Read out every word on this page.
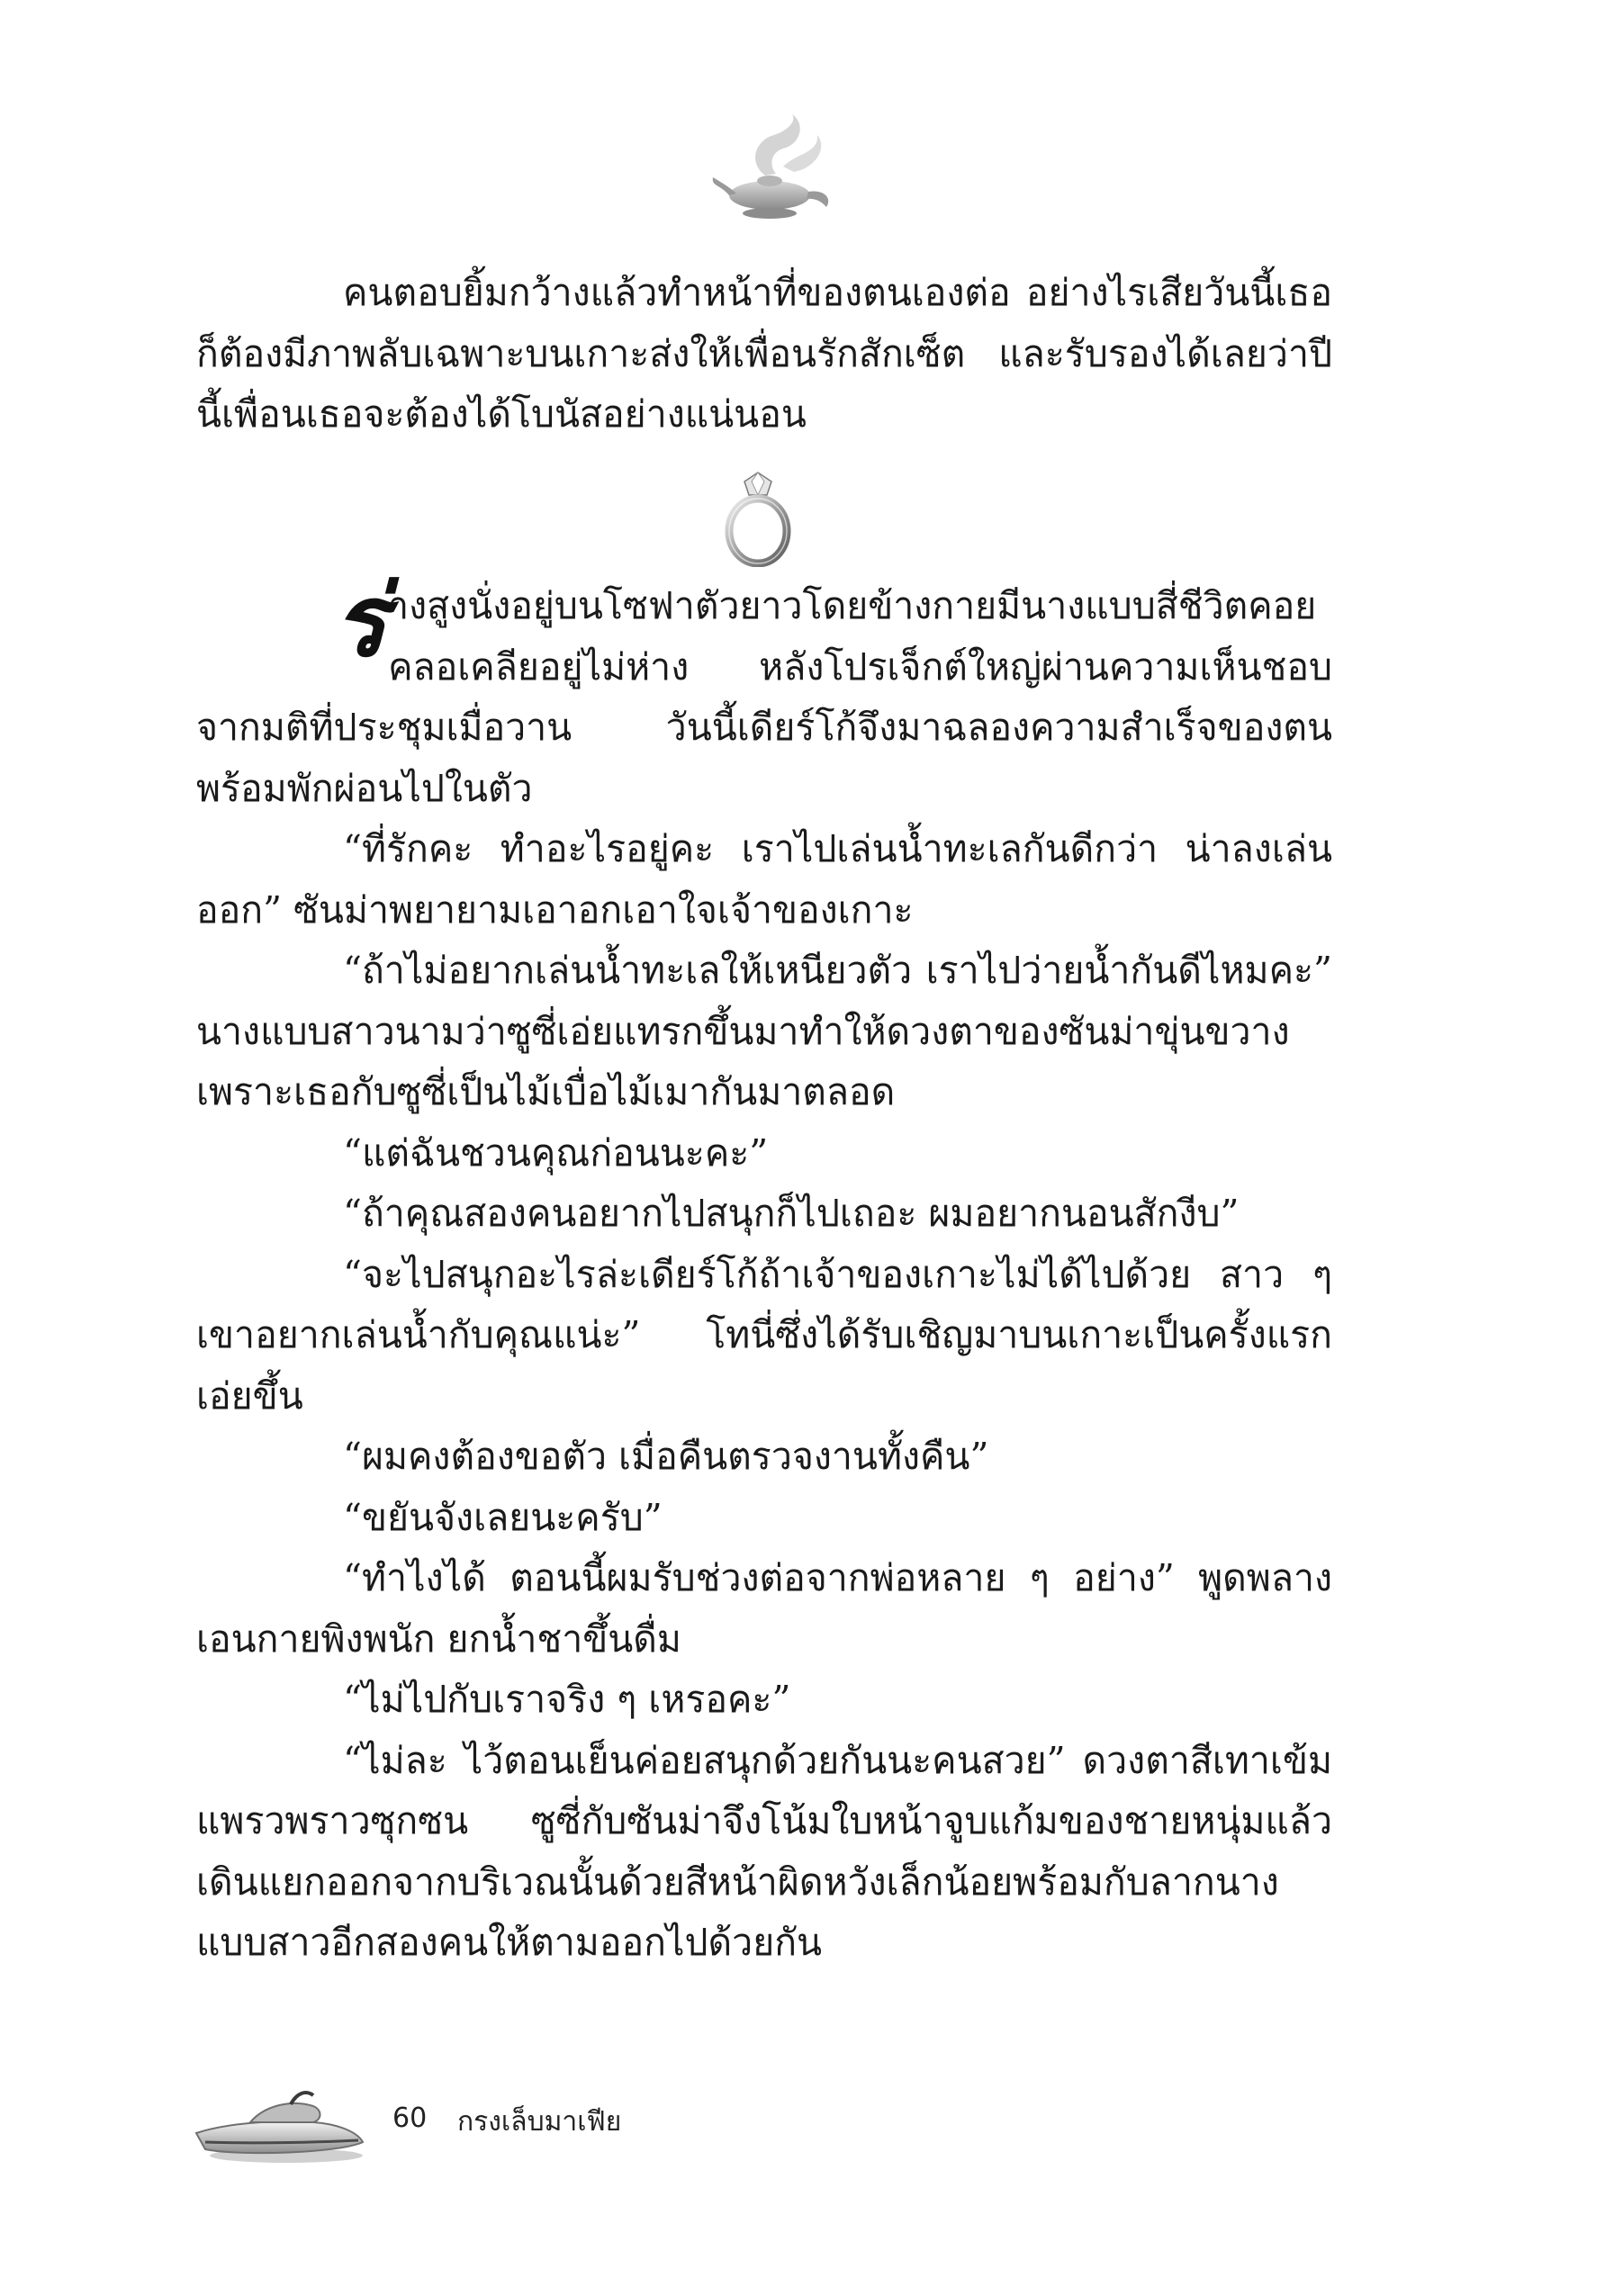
คนตอบยิ้มกว้างแล้วทำหน้าที่ของตนเองต่อ อย่างไรเสียวันนี้เธอก็ต้องมีภาพลับเฉพาะบนเกาะส่งให้เพื่อนรักสักเซ็ต และรับรองได้เลยว่าปีนี้เพื่อนเธอจะต้องได้โบนัสอย่างแน่นอน

ร่างสูงนั่งอยู่บนโซฟาตัวยาวโดยข้างกายมีนางแบบสี่ชีวิตคอยคลอเคลียอยู่ไม่ห่าง หลังโปรเจ็กต์ใหญ่ผ่านความเห็นชอบจากมติที่ประชุมเมื่อวาน วันนี้เดียร์โก้จึงมาฉลองความสำเร็จของตนพร้อมพักผ่อนไปในตัว

“ที่รักคะ ทำอะไรอยู่คะ เราไปเล่นน้ำทะเลกันดีกว่า น่าลงเล่นออก” ซันม่าพยายามเอาอกเอาใจเจ้าของเกาะ

“ถ้าไม่อยากเล่นน้ำทะเลให้เหนียวตัว เราไปว่ายน้ำกันดีไหมคะ” นางแบบสาวนามว่าซูซี่เอ่ยแทรกขึ้นมาทำให้ดวงตาของซันม่าขุ่นขวางเพราะเธอกับซูซี่เป็นไม้เบื่อไม้เมากันมาตลอด

“แต่ฉันชวนคุณก่อนนะคะ”

“ถ้าคุณสองคนอยากไปสนุกก็ไปเถอะ ผมอยากนอนสักงีบ”

“จะไปสนุกอะไรล่ะเดียร์โก้ถ้าเจ้าของเกาะไม่ได้ไปด้วย สาว ๆ เขาอยากเล่นน้ำกับคุณแน่ะ” โทนี่ซึ่งได้รับเชิญมาบนเกาะเป็นครั้งแรกเอ่ยขึ้น

“ผมคงต้องขอตัว เมื่อคืนตรวจงานทั้งคืน”

“ขยันจังเลยนะครับ”

“ทำไงได้ ตอนนี้ผมรับช่วงต่อจากพ่อหลาย ๆ อย่าง” พูดพลางเอนกายพิงพนัก ยกน้ำชาขึ้นดื่ม

“ไม่ไปกับเราจริง ๆ เหรอคะ”

“ไม่ละ ไว้ตอนเย็นค่อยสนุกด้วยกันนะคนสวย” ดวงตาสีเทาเข้มแพรวพราวซุกซน ซูซี่กับซันม่าจึงโน้มใบหน้าจูบแก้มของชายหนุ่มแล้วเดินแยกออกจากบริเวณนั้นด้วยสีหน้าผิดหวังเล็กน้อยพร้อมกับลากนางแบบสาวอีกสองคนให้ตามออกไปด้วยกัน

60 กรงเล็บมาเฟีย
